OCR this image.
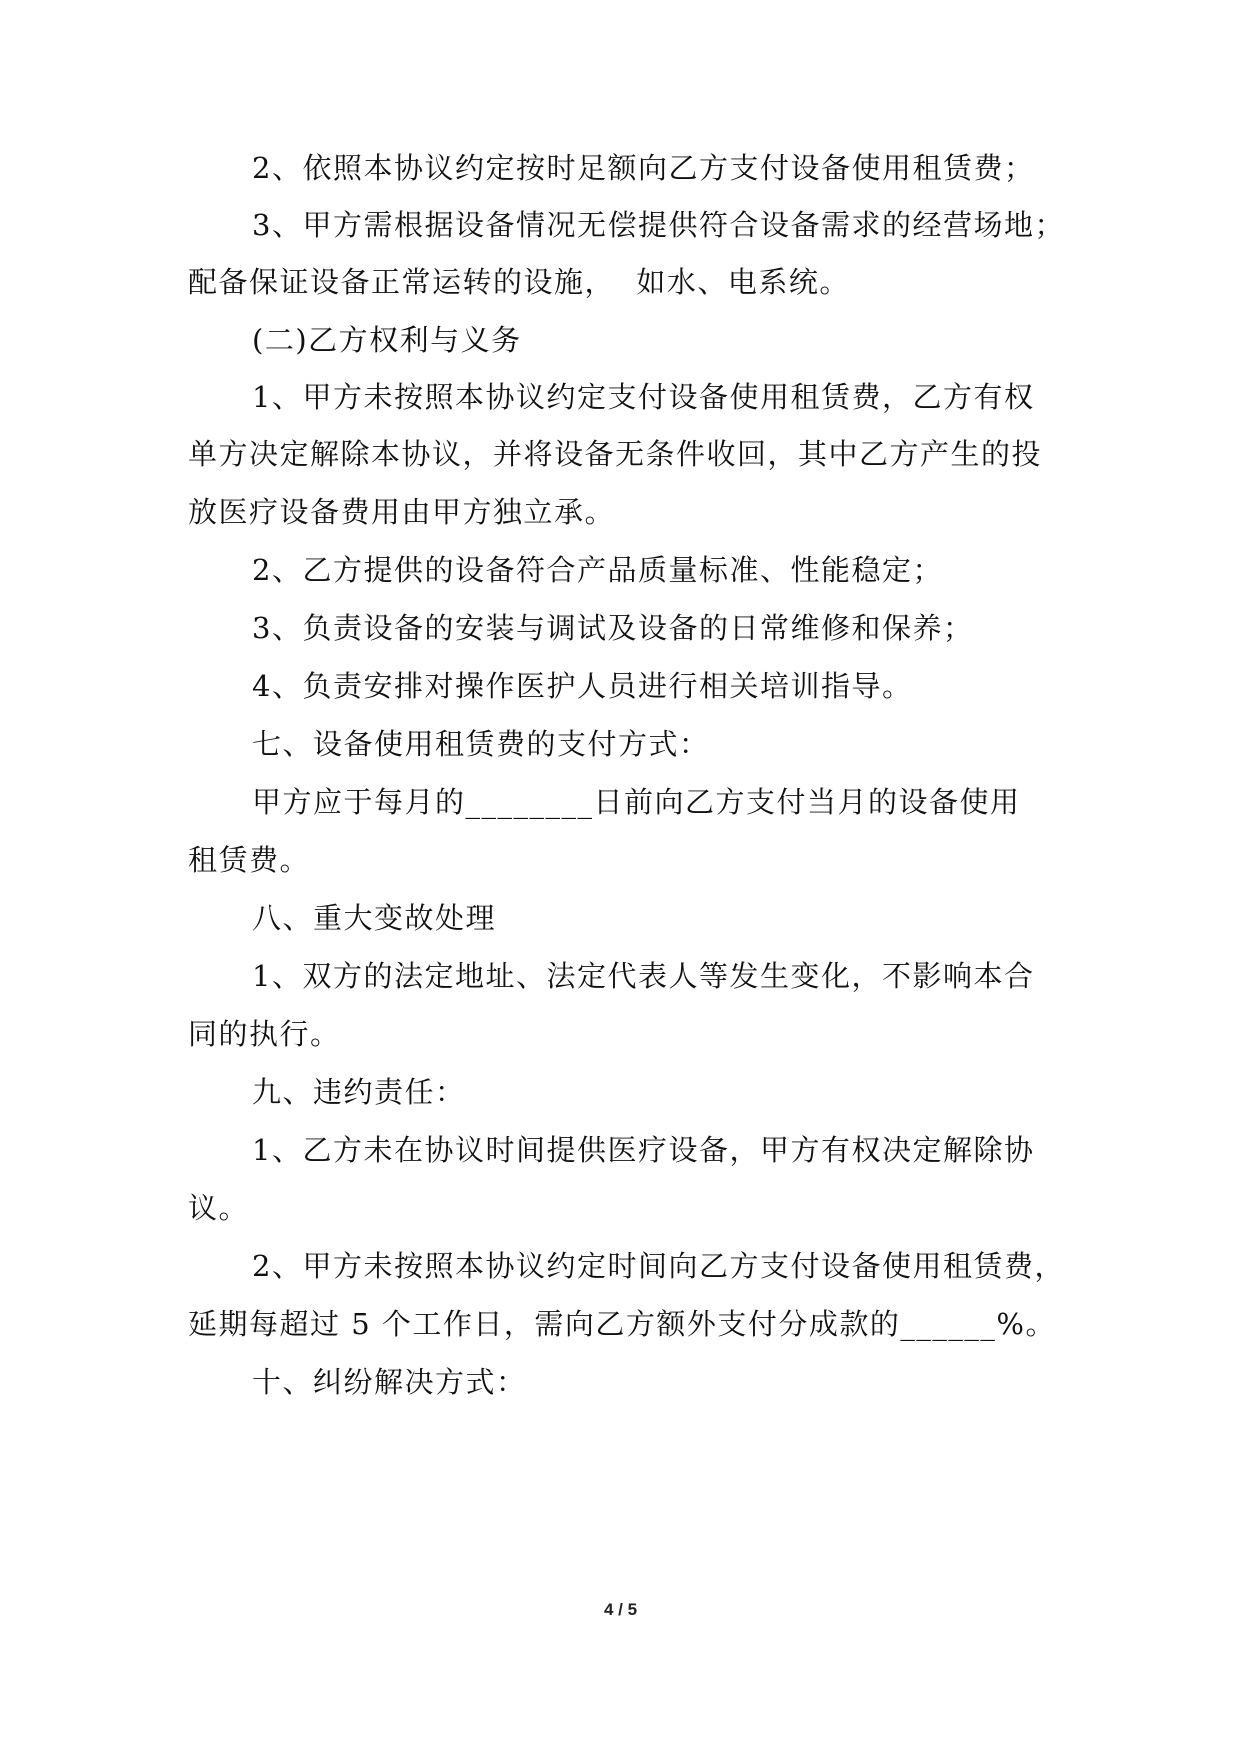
2、依照本协议约定按时足额向乙方支付设备使用租赁费；
3、甲方需根据设备情况无偿提供符合设备需求的经营场地；
配备保证设备正常运转的设施，  如水、电系统。
(二)乙方权利与义务
1、甲方未按照本协议约定支付设备使用租赁费，乙方有权
单方决定解除本协议，并将设备无条件收回，其中乙方产生的投
放医疗设备费用由甲方独立承。
2、乙方提供的设备符合产品质量标准、性能稳定；
3、负责设备的安装与调试及设备的日常维修和保养；
4、负责安排对操作医护人员进行相关培训指导。
七、设备使用租赁费的支付方式：
甲方应于每月的________日前向乙方支付当月的设备使用
租赁费。
八、重大变故处理
1、双方的法定地址、法定代表人等发生变化，不影响本合
同的执行。
九、违约责任：
1、乙方未在协议时间提供医疗设备，甲方有权决定解除协
议。
2、甲方未按照本协议约定时间向乙方支付设备使用租赁费，
延期每超过 5 个工作日，需向乙方额外支付分成款的______%。
十、纠纷解决方式：
4 / 5
